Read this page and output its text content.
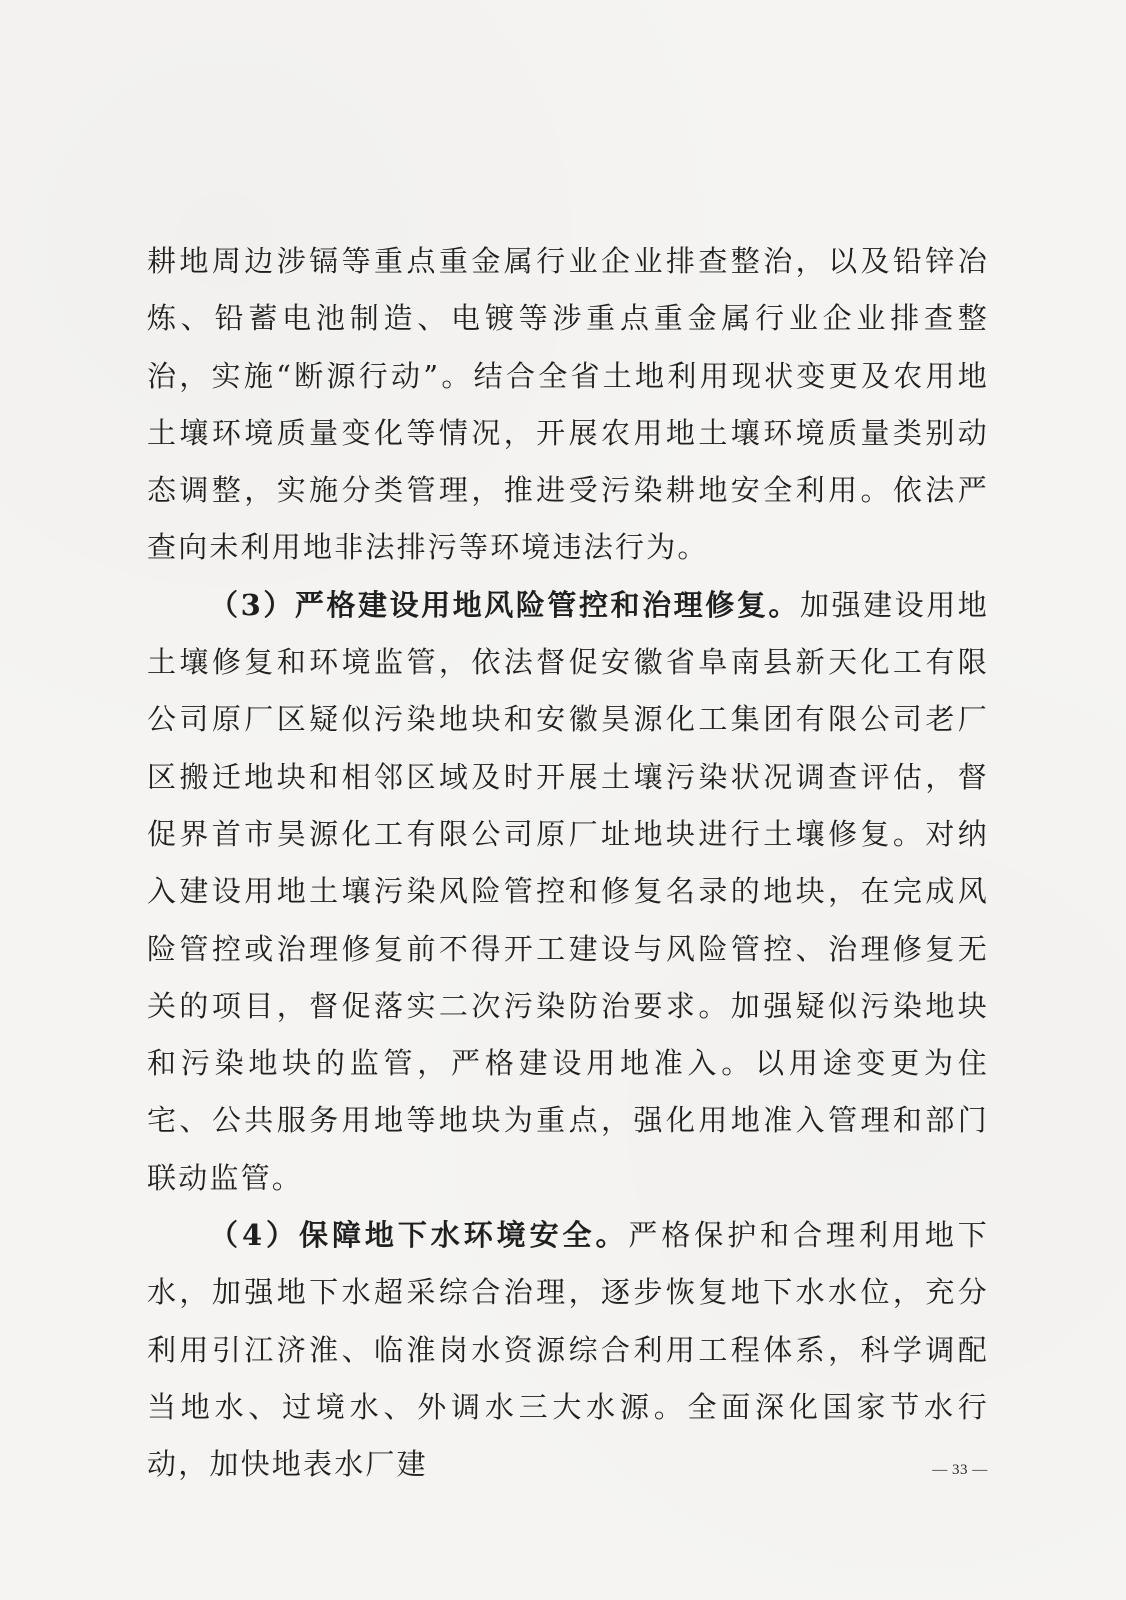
耕地周边涉镉等重点重金属行业企业排查整治，以及铅锌冶炼、铅蓄电池制造、电镀等涉重点重金属行业企业排查整治，实施“断源行动”。结合全省土地利用现状变更及农用地土壤环境质量变化等情况，开展农用地土壤环境质量类别动态调整，实施分类管理，推进受污染耕地安全利用。依法严查向未利用地非法排污等环境违法行为。

（3）严格建设用地风险管控和治理修复。加强建设用地土壤修复和环境监管，依法督促安徽省阜南县新天化工有限公司原厂区疑似污染地块和安徽昊源化工集团有限公司老厂区搬迁地块和相邻区域及时开展土壤污染状况调查评估，督促界首市昊源化工有限公司原厂址地块进行土壤修复。对纳入建设用地土壤污染风险管控和修复名录的地块，在完成风险管控或治理修复前不得开工建设与风险管控、治理修复无关的项目，督促落实二次污染防治要求。加强疑似污染地块和污染地块的监管，严格建设用地准入。以用途变更为住宅、公共服务用地等地块为重点，强化用地准入管理和部门联动监管。

（4）保障地下水环境安全。严格保护和合理利用地下水，加强地下水超采综合治理，逐步恢复地下水水位，充分利用引江济淮、临淮岗水资源综合利用工程体系，科学调配当地水、过境水、外调水三大水源。全面深化国家节水行动，加快地表水厂建	— 33 —
